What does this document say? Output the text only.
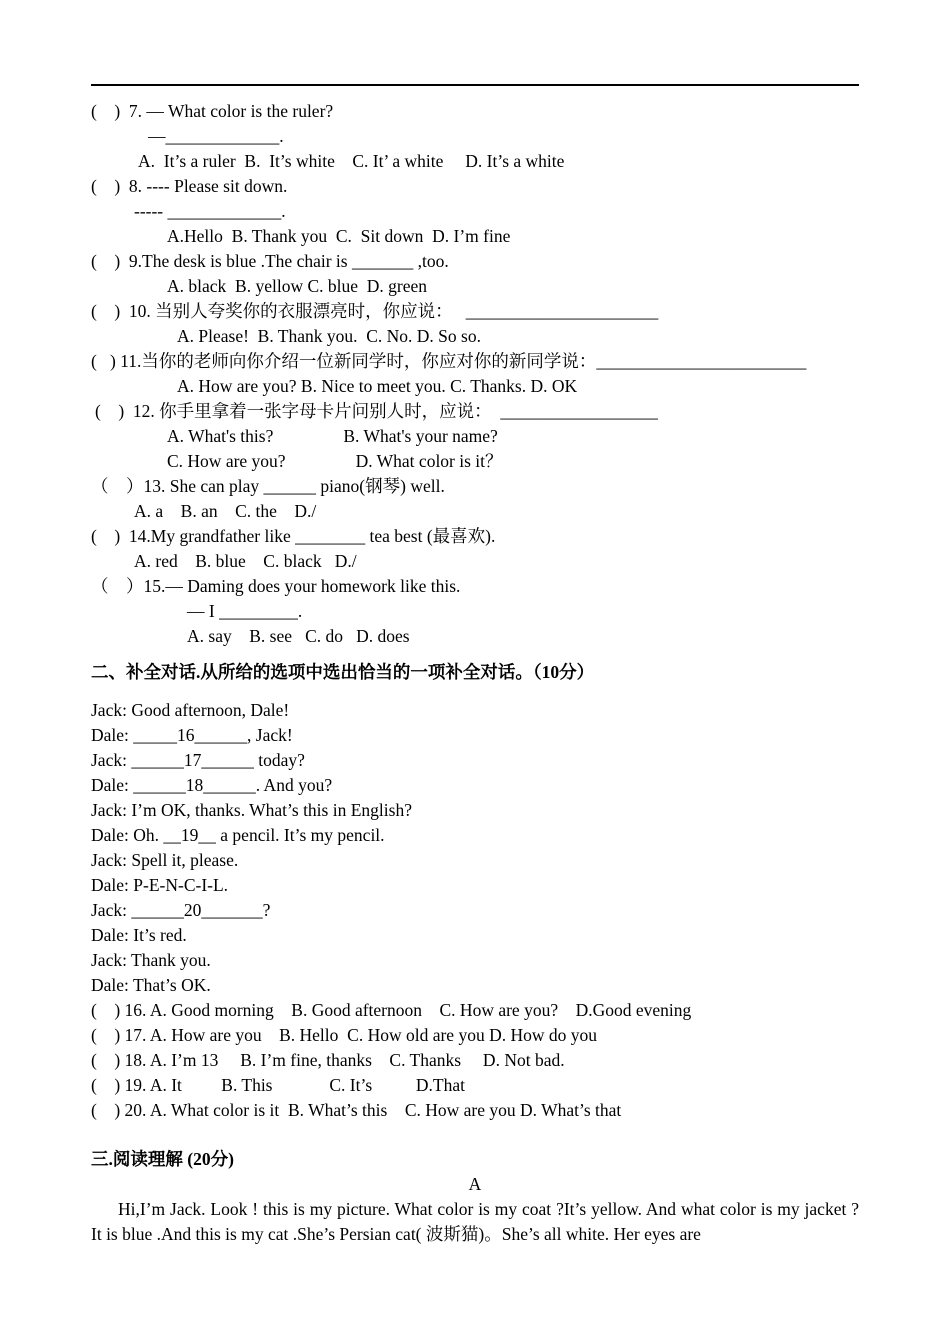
(    )  7. — What color is the ruler?
—_____________.
A.  It’s a ruler  B.  It’s white    C. It’ a white     D. It’s a white
(    )  8. ---- Please sit down.
----- _____________.
A.Hello  B. Thank you  C.  Sit down  D. I’m fine
(    )  9.The desk is blue .The chair is _______ ,too.
A. black  B. yellow C. blue  D. green
(    )  10. 当别人夸奖你的衣服漂亮时，你应说：   ______________________
A. Please!  B. Thank you.  C. No. D. So so.
(   ) 11.当你的老师向你介绍一位新同学时，你应对你的新同学说：________________________
A. How are you? B. Nice to meet you. C. Thanks. D. OK
(    )  12. 你手里拿着一张字母卡片问别人时，应说：  __________________
A. What's this?                B. What's your name?
C. How are you?                D. What color is it？
（    ）13. She can play ______ piano(钢琴) well.
A. a    B. an    C. the    D./
(    )  14.My grandfather like ________ tea best (最喜欢).
A. red    B. blue    C. black   D./
（    ）15.— Daming does your homework like this.
— I _________.
A. say    B. see   C. do   D. does
二、补全对话.从所给的选项中选出恰当的一项补全对话。（10分）
Jack: Good afternoon, Dale!
Dale: _____16______, Jack!
Jack: ______17______ today?
Dale: ______18______. And you?
Jack: I’m OK, thanks. What’s this in English?
Dale: Oh. __19__ a pencil. It’s my pencil.
Jack: Spell it, please.
Dale: P-E-N-C-I-L.
Jack: ______20_______?
Dale: It’s red.
Jack: Thank you.
Dale: That’s OK.
(    ) 16. A. Good morning    B. Good afternoon    C. How are you?    D.Good evening
(    ) 17. A. How are you    B. Hello  C. How old are you D. How do you
(    ) 18. A. I’m 13     B. I’m fine, thanks    C. Thanks     D. Not bad.
(    ) 19. A. It         B. This             C. It’s          D.That
(    ) 20. A. What color is it  B. What’s this    C. How are you D. What’s that
三.阅读理解 (20分)
A
Hi,I’m Jack. Look ! this is my picture. What color is my coat ?It’s yellow. And what color is my jacket ? It is blue .And this is my cat .She’s Persian cat( 波斯猫)。She’s all white. Her eyes are
